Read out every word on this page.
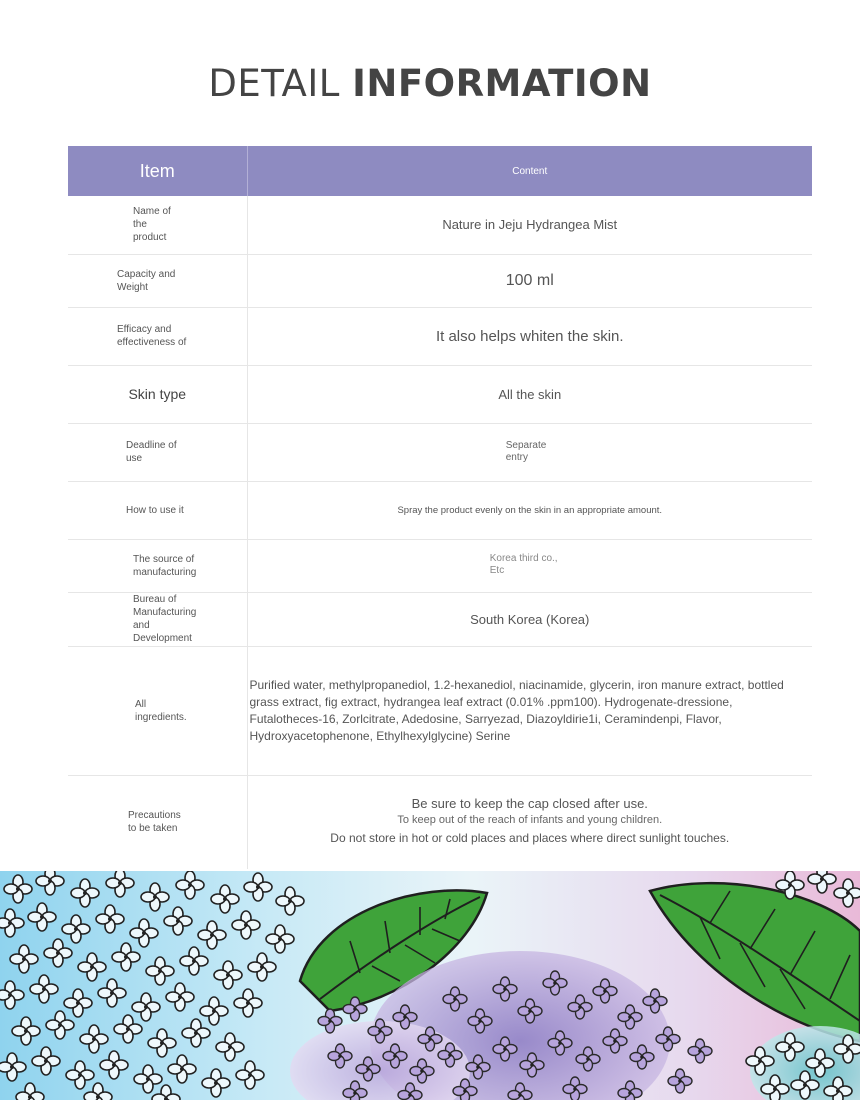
DETAIL INFORMATION
Item	Content

Name of the product	Nature in Jeju Hydrangea Mist

Capacity and Weight	100 ml

Efficacy and effectiveness of	It also helps whiten the skin.

Skin type	All the skin

Deadline of use	Separate entry

How to use it	Spray the product evenly on the skin in an appropriate amount.

The source of manufacturing	Korea third co., Etc

Bureau of Manufacturing and Development	South Korea (Korea)

All ingredients.	Purified water, methylpropanediol, 1.2-hexanediol, niacinamide, glycerin, iron manure extract, bottled grass extract, fig extract, hydrangea leaf extract (0.01% .ppm100). Hydrogenate-dressione, Futalotheces-16, Zorlcitrate, Adedosine, Sarryezad, Diazoyldirie1i, Ceramindenpi, Flavor, Hydroxyacetophenone, Ethylhexylglycine) Serine

Precautions to be taken	Be sure to keep the cap closed after use.
To keep out of the reach of infants and young children.
Do not store in hot or cold places and places where direct sunlight touches.
